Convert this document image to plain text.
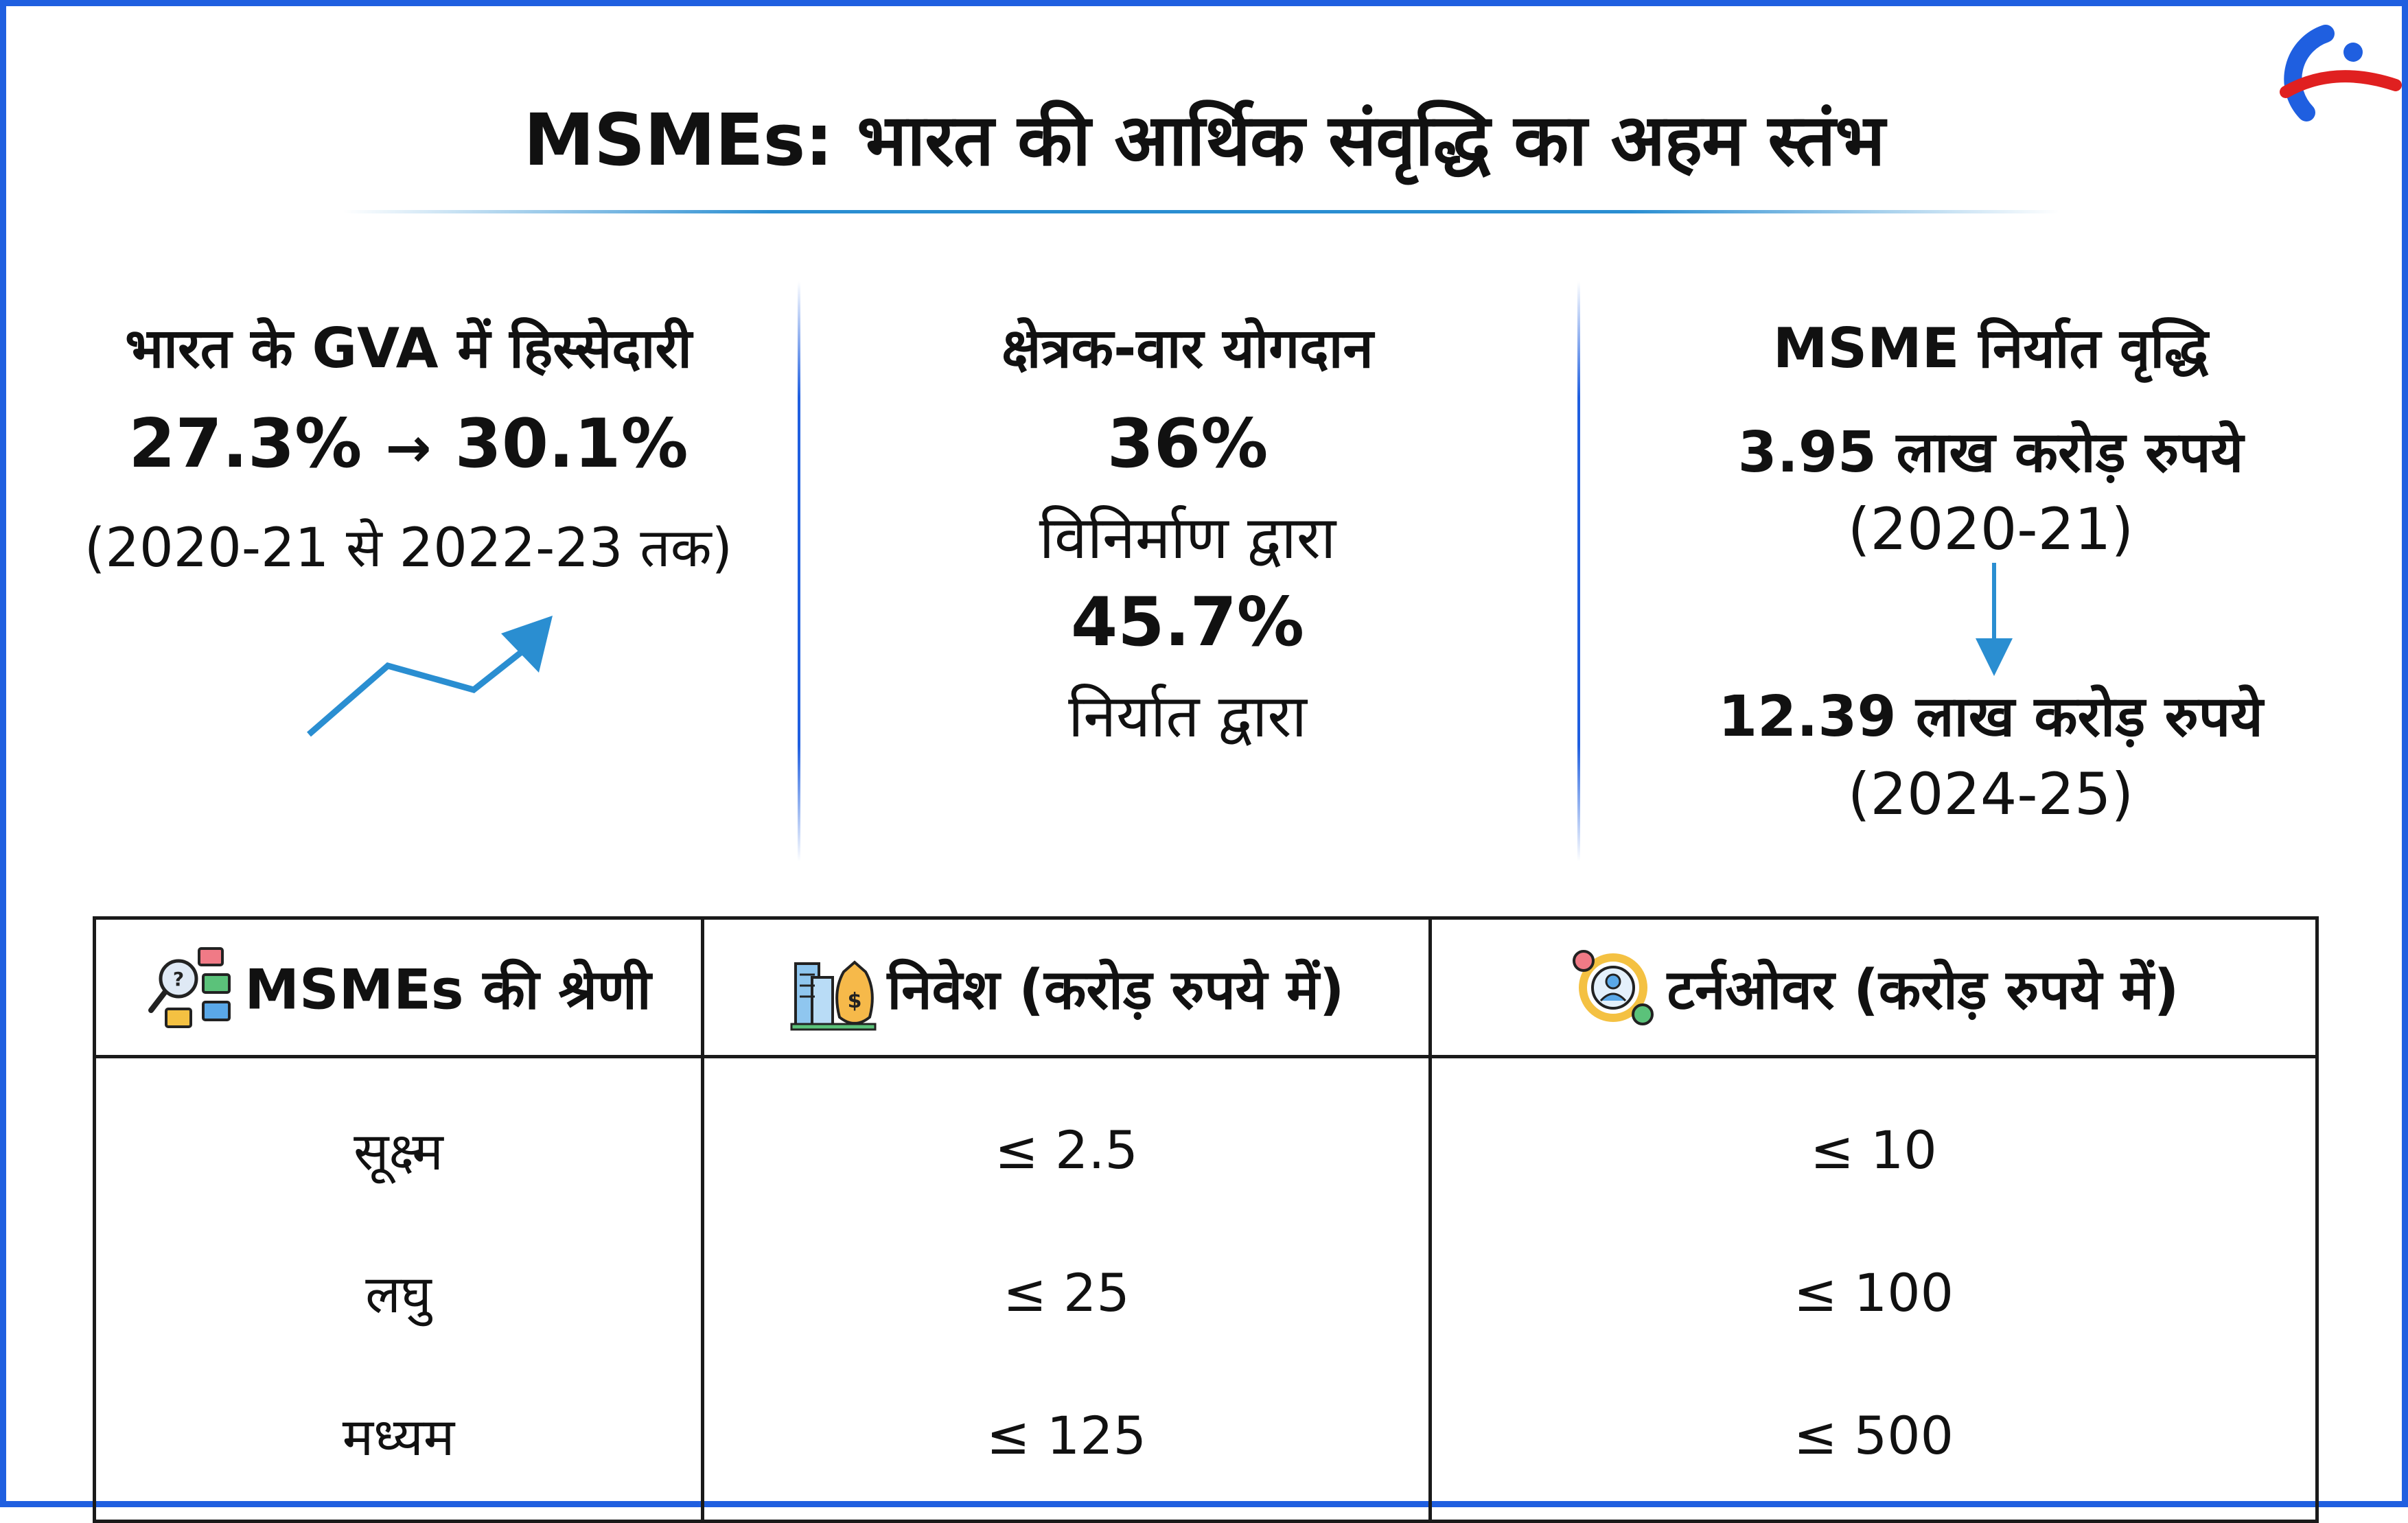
MSMEs: भारत की आर्थिक संवृद्धि का अहम स्तंभ
भारत के GVA में हिस्सेदारी
27.3% → 30.1%
(2020-21 से 2022-23 तक)
क्षेत्रक-वार योगदान
36%
विनिर्माण द्वारा
45.7%
निर्यात द्वारा
MSME निर्यात वृद्धि
3.95 लाख करोड़ रुपये
(2020-21)
12.39 लाख करोड़ रुपये
(2024-25)
? MSMEs की श्रेणी	$ निवेश (करोड़ रुपये में)	टर्नओवर (करोड़ रुपये में)
सूक्ष्म	≤ 2.5	≤ 10
लघु	≤ 25	≤ 100
मध्यम	≤ 125	≤ 500
